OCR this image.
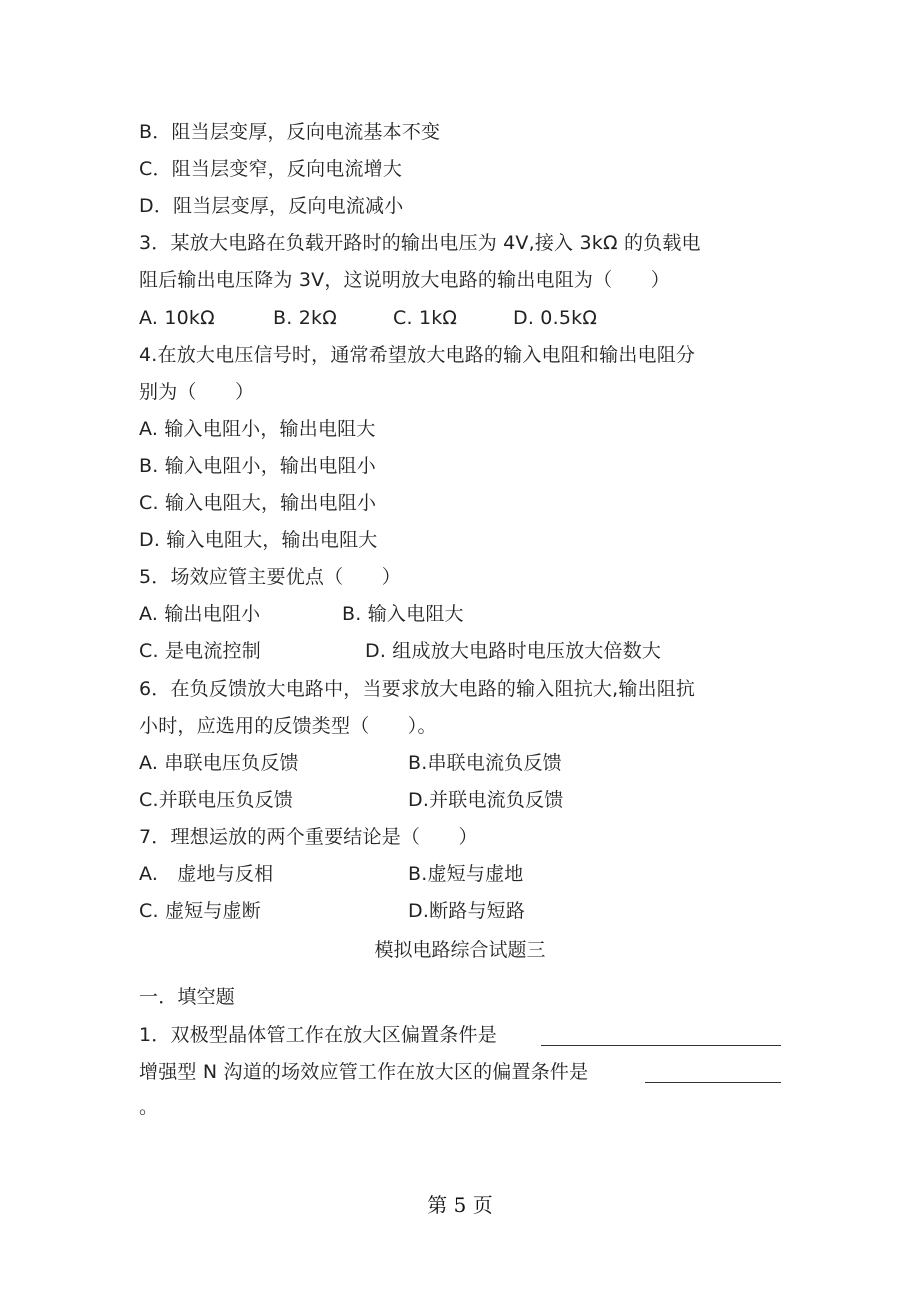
B．阻当层变厚，反向电流基本不变
C．阻当层变窄，反向电流增大
D．阻当层变厚，反向电流减小
3．某放大电路在负载开路时的输出电压为 4V,接入 3kΩ 的负载电
阻后输出电压降为 3V，这说明放大电路的输出电阻为（　　）
A. 10kΩ	B. 2kΩ	C. 1kΩ	D. 0.5kΩ
4.在放大电压信号时，通常希望放大电路的输入电阻和输出电阻分
别为（　　）
A. 输入电阻小，输出电阻大
B. 输入电阻小，输出电阻小
C. 输入电阻大，输出电阻小
D. 输入电阻大，输出电阻大
5．场效应管主要优点（　　）
A. 输出电阻小	B. 输入电阻大
C. 是电流控制	D. 组成放大电路时电压放大倍数大
6．在负反馈放大电路中，当要求放大电路的输入阻抗大,输出阻抗
小时，应选用的反馈类型（　　）。
A. 串联电压负反馈	B.串联电流负反馈
C.并联电压负反馈	D.并联电流负反馈
7．理想运放的两个重要结论是（　　）
A.　虚地与反相	B.虚短与虚地
C. 虚短与虚断	D.断路与短路
模拟电路综合试题三
一．填空题
1．双极型晶体管工作在放大区偏置条件是
增强型 N 沟道的场效应管工作在放大区的偏置条件是
。
第 5 页
